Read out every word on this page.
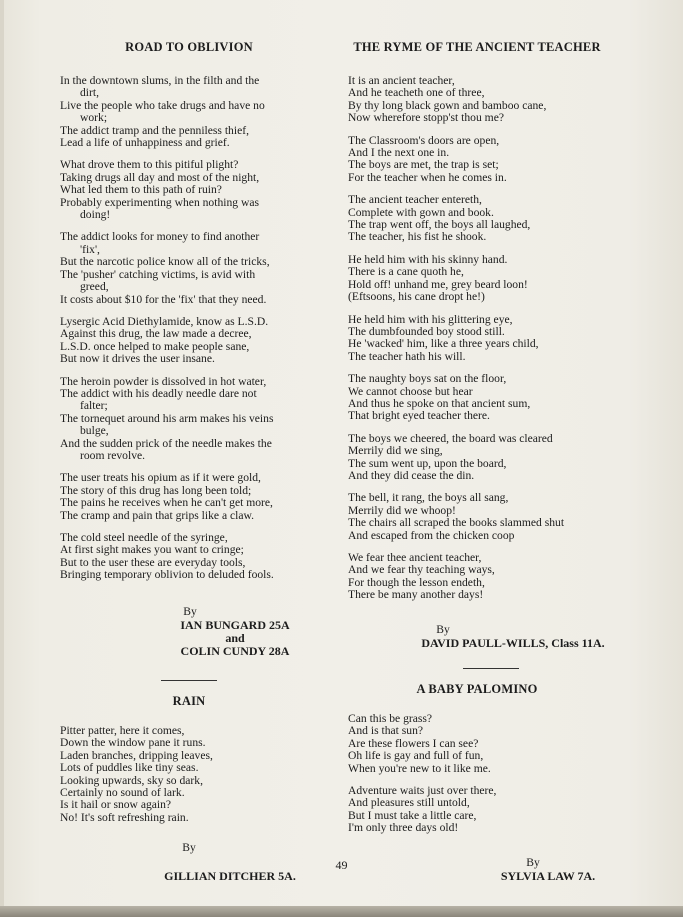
ROAD TO OBLIVION
In the downtown slums, in the filth and the
dirt,
Live the people who take drugs and have no
work;
The addict tramp and the penniless thief,
Lead a life of unhappiness and grief.
What drove them to this pitiful plight?
Taking drugs all day and most of the night,
What led them to this path of ruin?
Probably experimenting when nothing was
doing!
The addict looks for money to find another
'fix',
But the narcotic police know all of the tricks,
The 'pusher' catching victims, is avid with
greed,
It costs about $10 for the 'fix' that they need.
Lysergic Acid Diethylamide, know as L.S.D.
Against this drug, the law made a decree,
L.S.D. once helped to make people sane,
But now it drives the user insane.
The heroin powder is dissolved in hot water,
The addict with his deadly needle dare not
falter;
The tornequet around his arm makes his veins
bulge,
And the sudden prick of the needle makes the
room revolve.
The user treats his opium as if it were gold,
The story of this drug has long been told;
The pains he receives when he can't get more,
The cramp and pain that grips like a claw.
The cold steel needle of the syringe,
At first sight makes you want to cringe;
But to the user these are everyday tools,
Bringing temporary oblivion to deluded fools.
By
IAN BUNGARD 25A
and
COLIN CUNDY 28A
RAIN
Pitter patter, here it comes,
Down the window pane it runs.
Laden branches, dripping leaves,
Lots of puddles like tiny seas.
Looking upwards, sky so dark,
Certainly no sound of lark.
Is it hail or snow again?
No! It's soft refreshing rain.
By
GILLIAN DITCHER 5A.
THE RYME OF THE ANCIENT TEACHER
It is an ancient teacher,
And he teacheth one of three,
By thy long black gown and bamboo cane,
Now wherefore stopp'st thou me?
The Classroom's doors are open,
And I the next one in.
The boys are met, the trap is set;
For the teacher when he comes in.
The ancient teacher entereth,
Complete with gown and book.
The trap went off, the boys all laughed,
The teacher, his fist he shook.
He held him with his skinny hand.
There is a cane quoth he,
Hold off! unhand me, grey beard loon!
(Eftsoons, his cane dropt he!)
He held him with his glittering eye,
The dumbfounded boy stood still.
He 'wacked' him, like a three years child,
The teacher hath his will.
The naughty boys sat on the floor,
We cannot choose but hear
And thus he spoke on that ancient sum,
That bright eyed teacher there.
The boys we cheered, the board was cleared
Merrily did we sing,
The sum went up, upon the board,
And they did cease the din.
The bell, it rang, the boys all sang,
Merrily did we whoop!
The chairs all scraped the books slammed shut
And escaped from the chicken coop
We fear thee ancient teacher,
And we fear thy teaching ways,
For though the lesson endeth,
There be many another days!
By
DAVID PAULL-WILLS, Class 11A.
A BABY PALOMINO
Can this be grass?
And is that sun?
Are these flowers I can see?
Oh life is gay and full of fun,
When you're new to it like me.
Adventure waits just over there,
And pleasures still untold,
But I must take a little care,
I'm only three days old!
By
SYLVIA LAW 7A.
49
